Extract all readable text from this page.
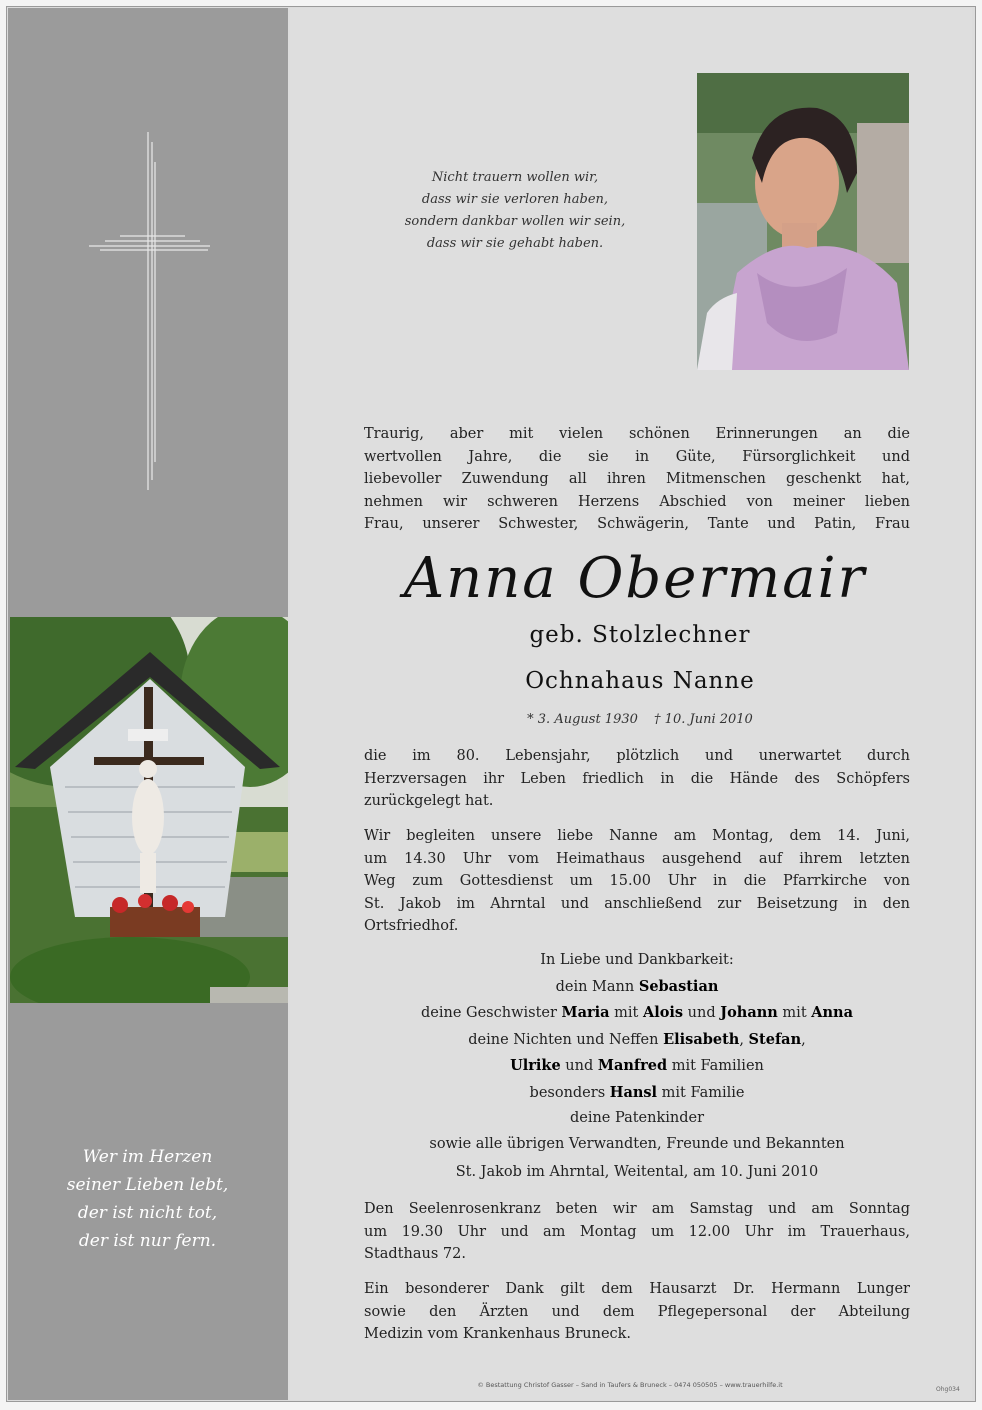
Wer im Herzen
seiner Lieben lebt,
der ist nicht tot,
der ist nur fern.
Nicht trauern wollen wir,
dass wir sie verloren haben,
sondern dankbar wollen wir sein,
dass wir sie gehabt haben.
Traurig, aber mit vielen schönen Erinnerungen an die
wertvollen Jahre, die sie in Güte, Fürsorglichkeit und
liebevoller Zuwendung all ihren Mitmenschen geschenkt hat,
nehmen wir schweren Herzens Abschied von meiner lieben
Frau, unserer Schwester, Schwägerin, Tante und Patin, Frau
Anna Obermair
geb. Stolzlechner
Ochnahaus Nanne
* 3. August 1930 † 10. Juni 2010
die im 80. Lebensjahr, plötzlich und unerwartet durch
Herzversagen ihr Leben friedlich in die Hände des Schöpfers
zurückgelegt hat.
Wir begleiten unsere liebe Nanne am Montag, dem 14. Juni,
um 14.30 Uhr vom Heimathaus ausgehend auf ihrem letzten
Weg zum Gottesdienst um 15.00 Uhr in die Pfarrkirche von
St. Jakob im Ahrntal und anschließend zur Beisetzung in den
Ortsfriedhof.
In Liebe und Dankbarkeit:
dein Mann Sebastian
deine Geschwister Maria mit Alois und Johann mit Anna
deine Nichten und Neffen Elisabeth, Stefan,
Ulrike und Manfred mit Familien
besonders Hansl mit Familie
deine Patenkinder
sowie alle übrigen Verwandten, Freunde und Bekannten
St. Jakob im Ahrntal, Weitental, am 10. Juni 2010
Den Seelenrosenkranz beten wir am Samstag und am Sonntag
um 19.30 Uhr und am Montag um 12.00 Uhr im Trauerhaus,
Stadthaus 72.
Ein besonderer Dank gilt dem Hausarzt Dr. Hermann Lunger
sowie den Ärzten und dem Pflegepersonal der Abteilung
Medizin vom Krankenhaus Bruneck.
© Bestattung Christof Gasser – Sand in Taufers & Bruneck – 0474 050505 – www.trauerhilfe.it
Ohg034
